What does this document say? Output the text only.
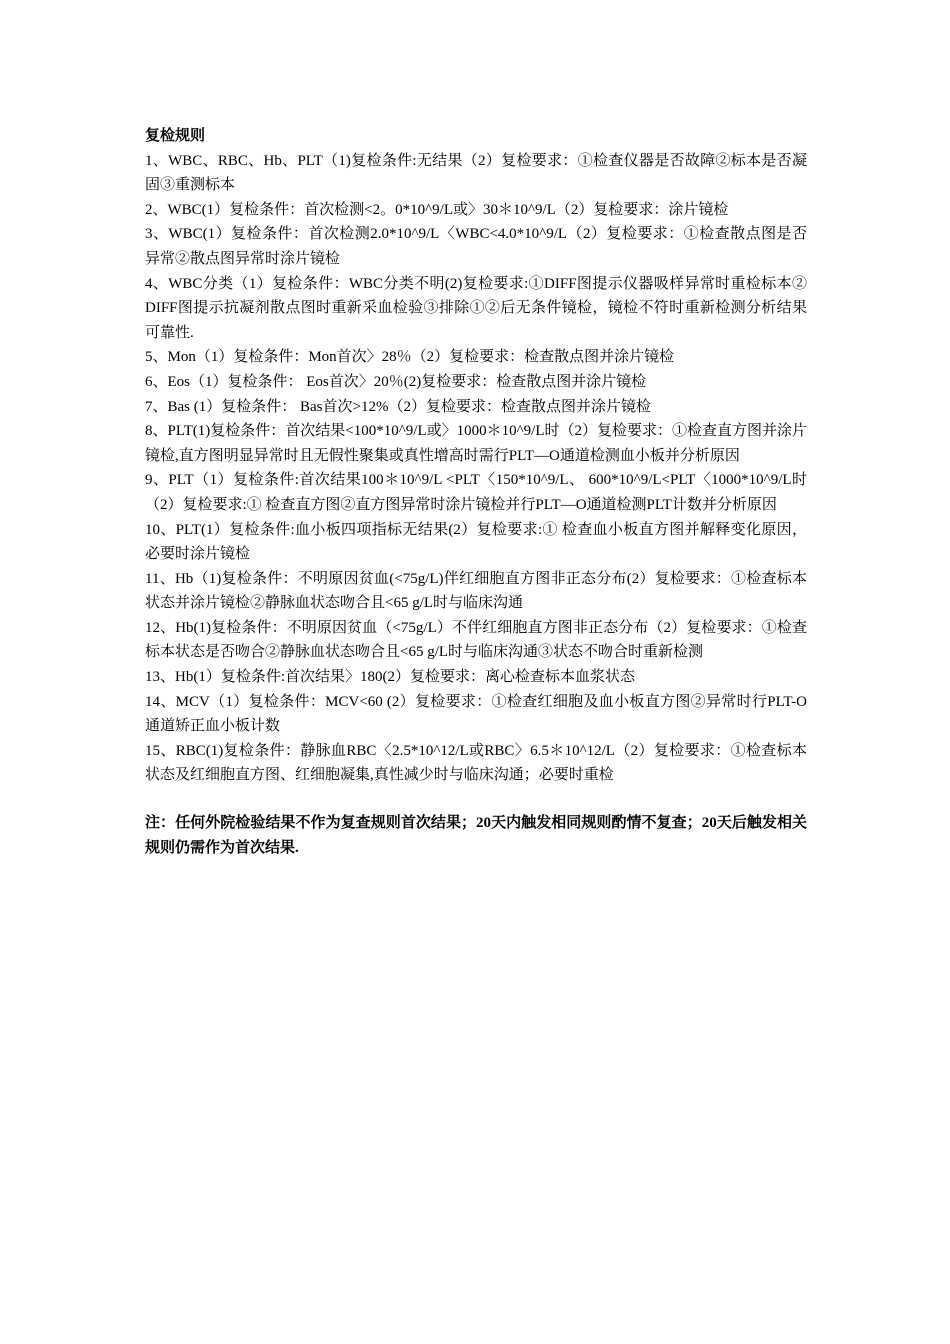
复检规则

1、WBC、RBC、Hb、PLT（1)复检条件:无结果（2）复检要求：①检查仪器是否故障②标本是否凝固③重测标本

2、WBC(1）复检条件：首次检测<2。0*10^9/L或〉30＊10^9/L（2）复检要求：涂片镜检

3、WBC(1）复检条件：首次检测2.0*10^9/L〈WBC<4.0*10^9/L（2）复检要求：①检查散点图是否异常②散点图异常时涂片镜检

4、WBC分类（1）复检条件：WBC分类不明(2)复检要求:①DIFF图提示仪器吸样异常时重检标本② DIFF图提示抗凝剂散点图时重新采血检验③排除①②后无条件镜检，镜检不符时重新检测分析结果可靠性.

5、Mon（1）复检条件：Mon首次〉28％（2）复检要求：检查散点图并涂片镜检

6、Eos（1）复检条件： Eos首次〉20％(2)复检要求：检查散点图并涂片镜检

7、Bas (1）复检条件： Bas首次>12%（2）复检要求：检查散点图并涂片镜检

8、PLT(1)复检条件：首次结果<100*10^9/L或〉1000＊10^9/L时（2）复检要求：①检查直方图并涂片镜检,直方图明显异常时且无假性聚集或真性增高时需行PLT—O通道检测血小板并分析原因

9、PLT（1）复检条件:首次结果100＊10^9/L <PLT〈150*10^9/L、 600*10^9/L<PLT〈1000*10^9/L时（2）复检要求:① 检查直方图②直方图异常时涂片镜检并行PLT—O通道检测PLT计数并分析原因

10、PLT(1）复检条件:血小板四项指标无结果(2）复检要求:① 检查血小板直方图并解释变化原因，必要时涂片镜检

11、Hb（1)复检条件：不明原因贫血(<75g/L)伴红细胞直方图非正态分布(2）复检要求：①检查标本状态并涂片镜检②静脉血状态吻合且<65 g/L时与临床沟通

12、Hb(1)复检条件：不明原因贫血（<75g/L）不伴红细胞直方图非正态分布（2）复检要求：①检查标本状态是否吻合②静脉血状态吻合且<65 g/L时与临床沟通③状态不吻合时重新检测

13、Hb(1）复检条件:首次结果〉180(2）复检要求：离心检查标本血浆状态

14、MCV（1）复检条件：MCV<60 (2）复检要求：①检查红细胞及血小板直方图②异常时行PLT-O通道矫正血小板计数

15、RBC(1)复检条件：静脉血RBC〈2.5*10^12/L或RBC〉6.5＊10^12/L（2）复检要求：①检查标本状态及红细胞直方图、红细胞凝集,真性减少时与临床沟通；必要时重检

注：任何外院检验结果不作为复查规则首次结果；20天内触发相同规则酌情不复查；20天后触发相关规则仍需作为首次结果.
